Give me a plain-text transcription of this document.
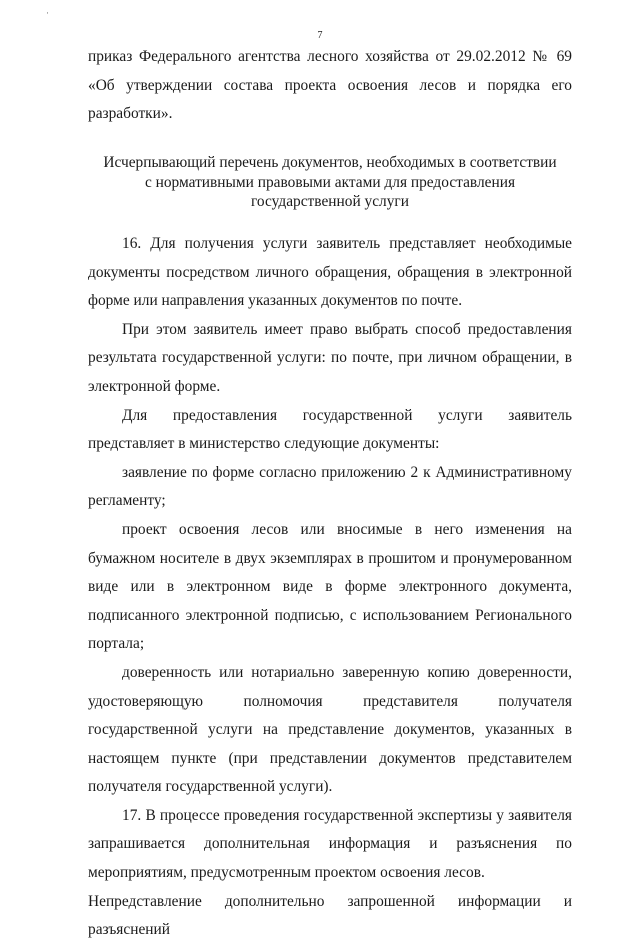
·
7

приказ Федерального агентства лесного хозяйства от 29.02.2012 № 69 «Об утверждении состава проекта освоения лесов и порядка его разработки».

Исчерпывающий перечень документов, необходимых в соответствии
с нормативными правовыми актами для предоставления
государственной услуги

16. Для получения услуги заявитель представляет необходимые документы посредством личного обращения, обращения в электронной форме или направления указанных документов по почте.

При этом заявитель имеет право выбрать способ предоставления результата государственной услуги: по почте, при личном обращении, в электронной форме.

Для предоставления государственной услуги заявитель представляет в министерство следующие документы:

заявление по форме согласно приложению 2 к Административному регламенту;

проект освоения лесов или вносимые в него изменения на бумажном носителе в двух экземплярах в прошитом и пронумерованном виде или в электронном виде в форме электронного документа, подписанного электронной подписью, с использованием Регионального портала;

доверенность или нотариально заверенную копию доверенности, удостоверяющую полномочия представителя получателя государственной услуги на представление документов, указанных в настоящем пункте (при представлении документов представителем получателя государственной услуги).

17. В процессе проведения государственной экспертизы у заявителя запрашивается дополнительная информация и разъяснения по мероприятиям, предусмотренным проектом освоения лесов.

Непредставление дополнительно запрошенной информации и разъяснений
